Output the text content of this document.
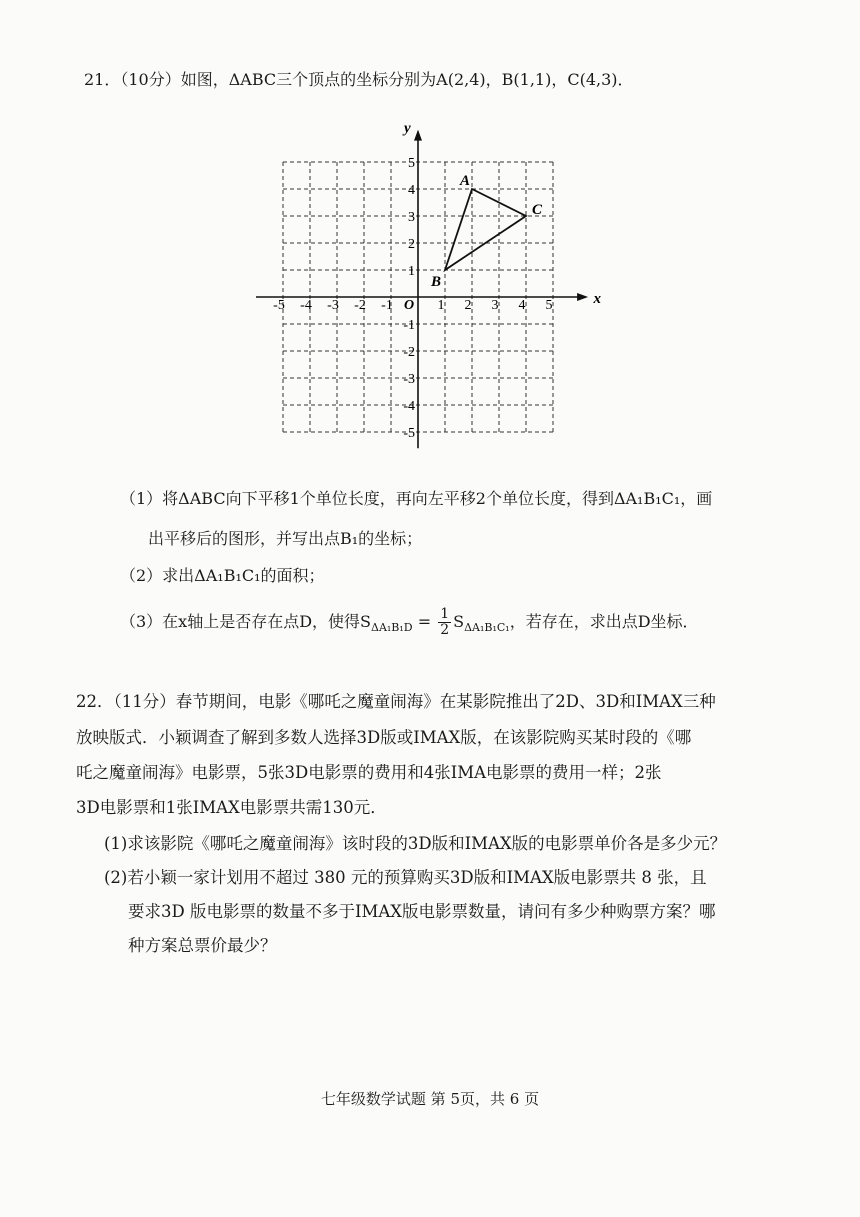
21．（10分）如图，ΔABC三个顶点的坐标分别为A(2,4)，B(1,1)，C(4,3)．
x
y
O
-5 -4 -3 -2 -1	1 2 3 4 5
5
4
3
2
1
-1
-2
-3
-4
-5
A
B
C
（1）将ΔABC向下平移1个单位长度，再向左平移2个单位长度，得到ΔA₁B₁C₁，画
出平移后的图形，并写出点B₁的坐标；
（2）求出ΔA₁B₁C₁的面积；
（3）在x轴上是否存在点D，使得$S_{\Delta A_1B_1D} = \frac{1}{2} S_{\Delta A_1B_1C_1}$，若存在，求出点D坐标．
22．（11分）春节期间，电影《哪吒之魔童闹海》在某影院推出了2D、3D和IMAX三种
放映版式．小颖调查了解到多数人选择3D版或IMAX版，在该影院购买某时段的《哪
吒之魔童闹海》电影票，5张3D电影票的费用和4张IMA电影票的费用一样；2张
3D电影票和1张IMAX电影票共需130元．
(1)求该影院《哪吒之魔童闹海》该时段的3D版和IMAX版的电影票单价各是多少元？
(2)若小颖一家计划用不超过 380 元的预算购买3D版和IMAX版电影票共 8 张，且
要求3D 版电影票的数量不多于IMAX版电影票数量，请问有多少种购票方案？哪
种方案总票价最少？
七年级数学试题 第 5页，共 6 页
